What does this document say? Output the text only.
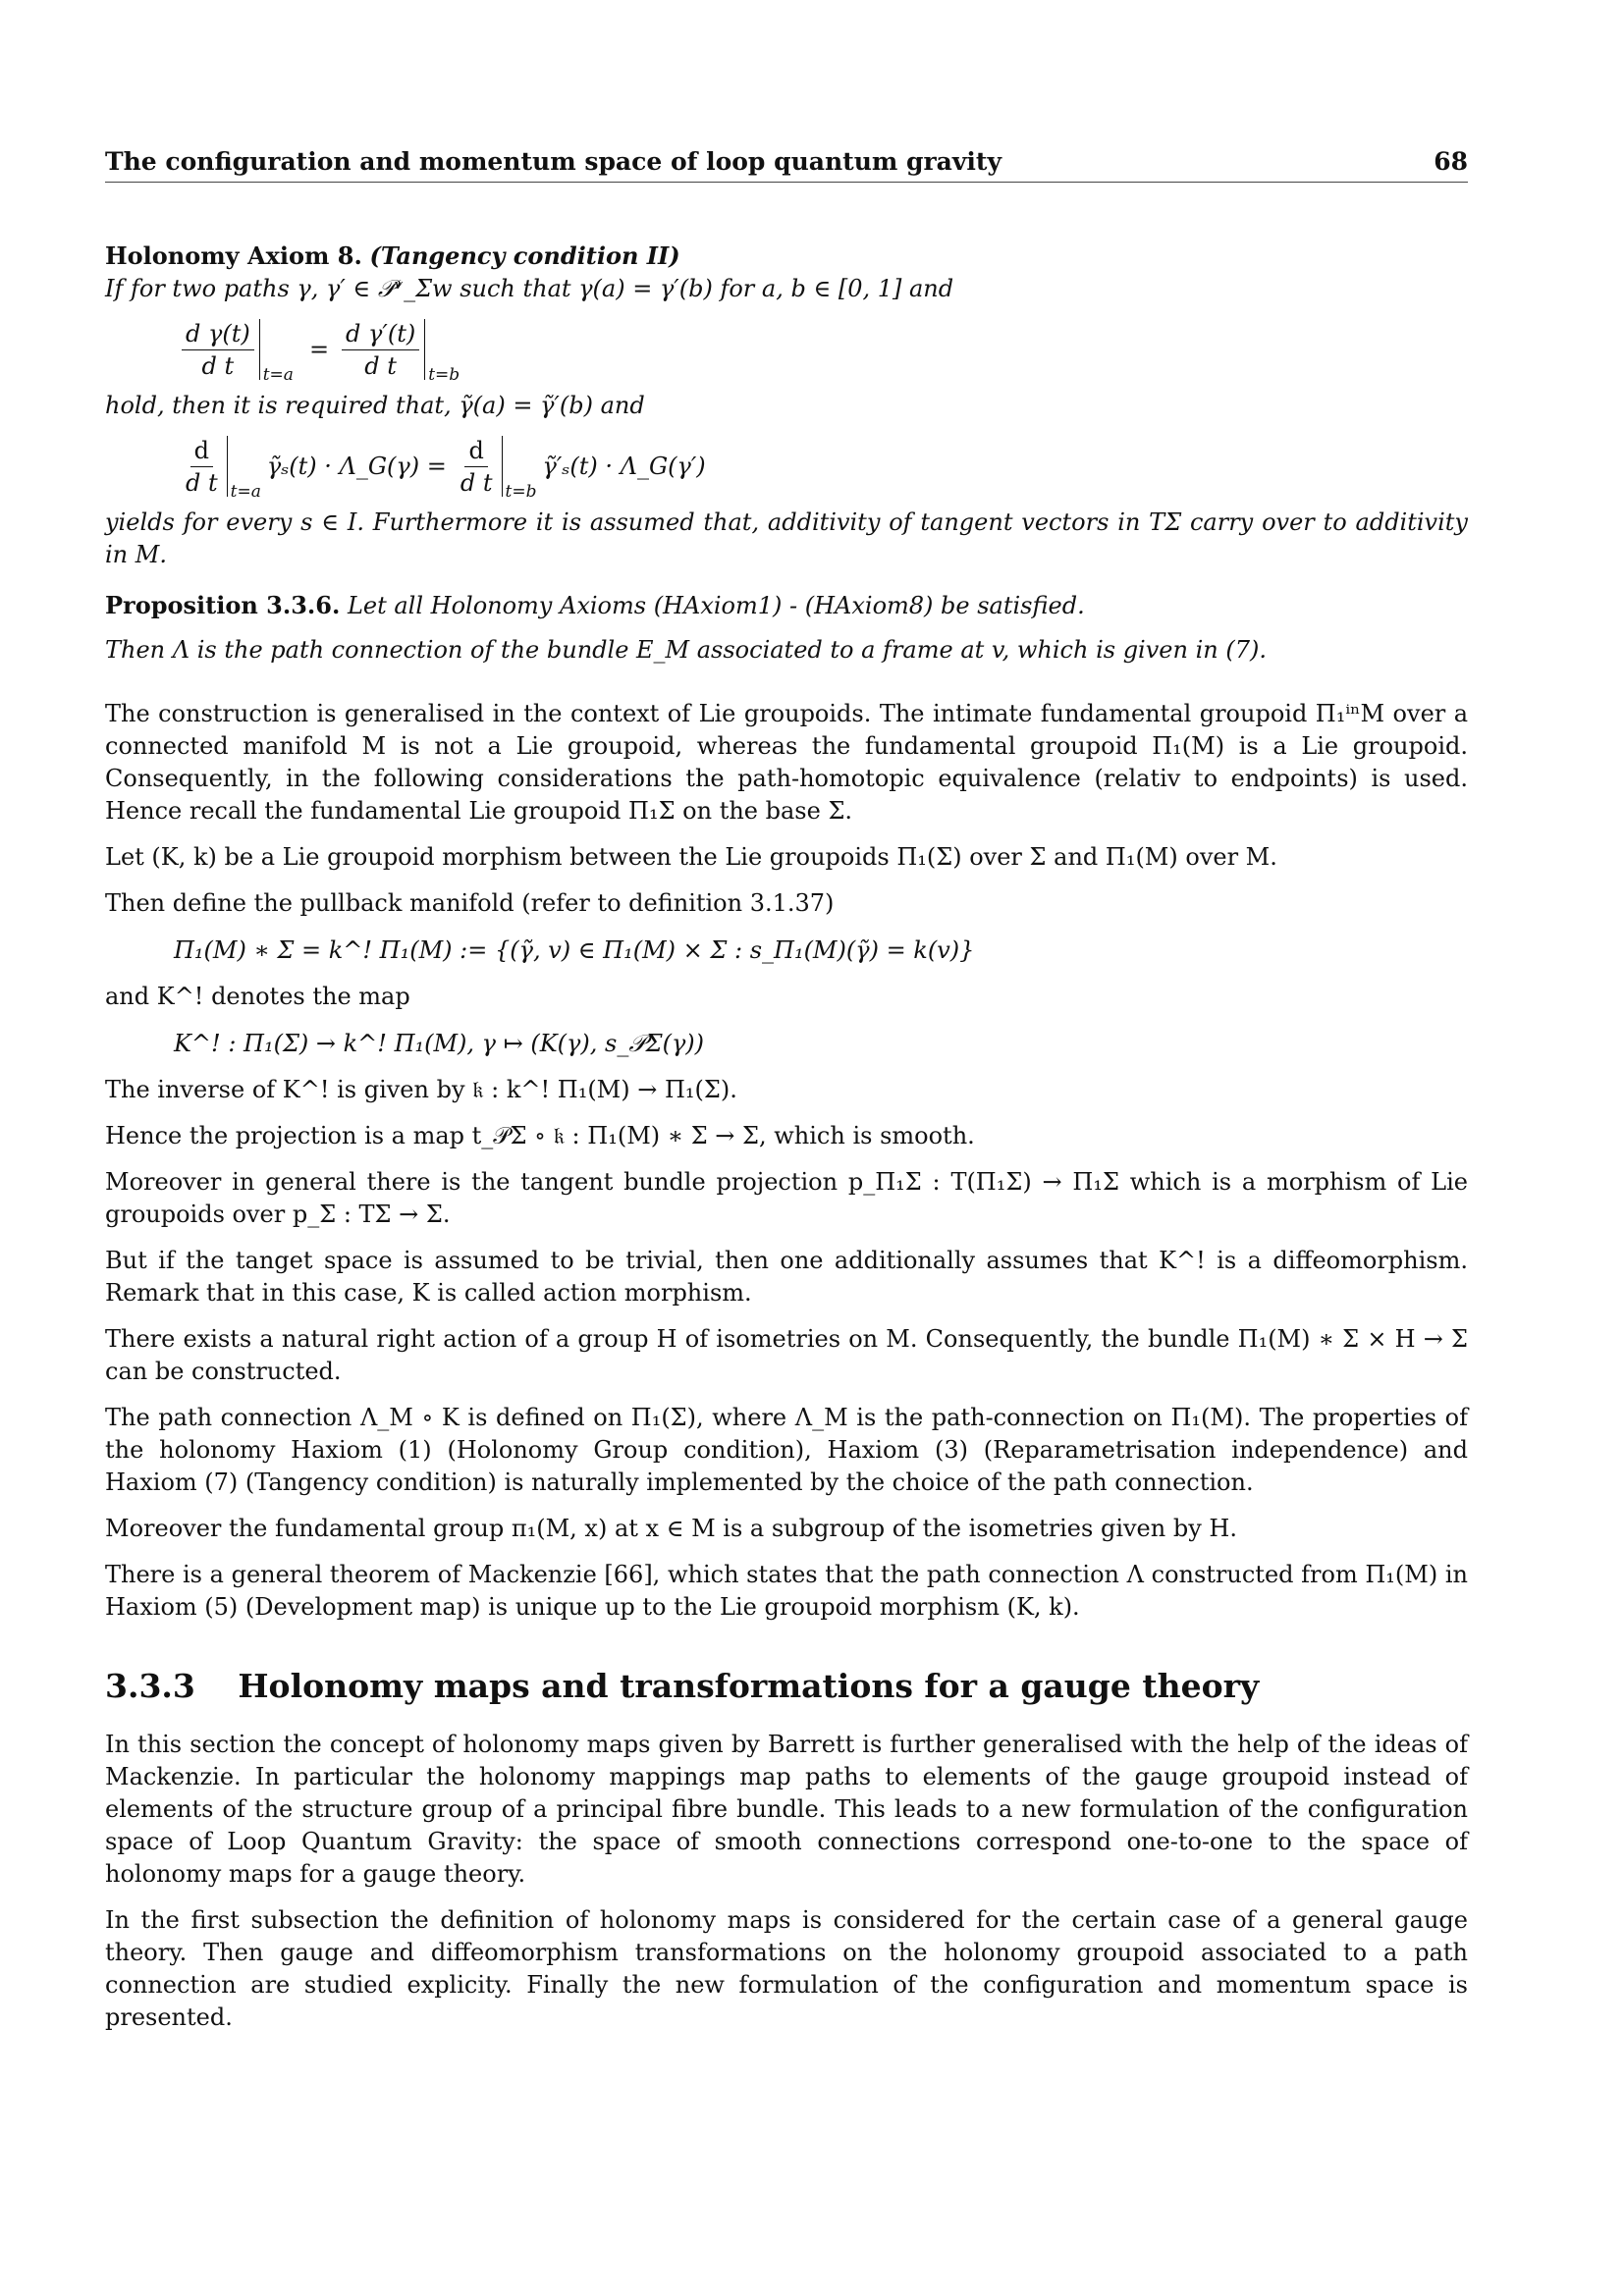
The configuration and momentum space of loop quantum gravity	68
Holonomy Axiom 8. (Tangency condition II)
If for two paths γ, γ′ ∈ 𝒫ᵛ_Σw such that γ(a) = γ′(b) for a, b ∈ [0, 1] and
$\frac{\text{d γ(t)}}{\text{d t}} t=a$
= $\frac{\text{d γ′(t)}}{\text{d t}} t=b$
hold, then it is required that, γ̃(a) = γ̃′(b) and
$\frac{d}{\text{d t}} t=a$
γ̃ₛ(t) · Λ_G(γ) = $\frac{d}{\text{d t}} t=b$
γ̃′ₛ(t) · Λ_G(γ′)
yields for every s ∈ I. Furthermore it is assumed that, additivity of tangent vectors in TΣ carry over to additivity in M.
Proposition 3.3.6. Let all Holonomy Axioms (HAxiom1) - (HAxiom8) be satisfied.
Then Λ is the path connection of the bundle E_M associated to a frame at v, which is given in (7).
The construction is generalised in the context of Lie groupoids. The intimate fundamental groupoid Π₁ⁱⁿM over a connected manifold M is not a Lie groupoid, whereas the fundamental groupoid Π₁(M) is a Lie groupoid. Consequently, in the following considerations the path-homotopic equivalence (relativ to endpoints) is used. Hence recall the fundamental Lie groupoid Π₁Σ on the base Σ.
Let (K, k) be a Lie groupoid morphism between the Lie groupoids Π₁(Σ) over Σ and Π₁(M) over M.
Then define the pullback manifold (refer to definition 3.1.37)
Π₁(M) ∗ Σ = k^! Π₁(M) := {(γ̃, v) ∈ Π₁(M) × Σ : s_Π₁(M)(γ̃) = k(v)}
and K^! denotes the map
K^! : Π₁(Σ) → k^! Π₁(M), γ ↦ (K(γ), s_𝒫Σ(γ))
The inverse of K^! is given by 𝔨 : k^! Π₁(M) → Π₁(Σ).
Hence the projection is a map t_𝒫Σ ∘ 𝔨 : Π₁(M) ∗ Σ → Σ, which is smooth.
Moreover in general there is the tangent bundle projection p_Π₁Σ : T(Π₁Σ) → Π₁Σ which is a morphism of Lie groupoids over p_Σ : TΣ → Σ.
But if the tanget space is assumed to be trivial, then one additionally assumes that K^! is a diffeomorphism. Remark that in this case, K is called action morphism.
There exists a natural right action of a group H of isometries on M. Consequently, the bundle Π₁(M) ∗ Σ × H → Σ can be constructed.
The path connection Λ_M ∘ K is defined on Π₁(Σ), where Λ_M is the path-connection on Π₁(M). The properties of the holonomy Haxiom (1) (Holonomy Group condition), Haxiom (3) (Reparametrisation independence) and Haxiom (7) (Tangency condition) is naturally implemented by the choice of the path connection.
Moreover the fundamental group π₁(M, x) at x ∈ M is a subgroup of the isometries given by H.
There is a general theorem of Mackenzie [66], which states that the path connection Λ constructed from Π₁(M) in Haxiom (5) (Development map) is unique up to the Lie groupoid morphism (K, k).
3.3.3 Holonomy maps and transformations for a gauge theory
In this section the concept of holonomy maps given by Barrett is further generalised with the help of the ideas of Mackenzie. In particular the holonomy mappings map paths to elements of the gauge groupoid instead of elements of the structure group of a principal fibre bundle. This leads to a new formulation of the configuration space of Loop Quantum Gravity: the space of smooth connections correspond one-to-one to the space of holonomy maps for a gauge theory.
In the first subsection the definition of holonomy maps is considered for the certain case of a general gauge theory. Then gauge and diffeomorphism transformations on the holonomy groupoid associated to a path connection are studied explicity. Finally the new formulation of the configuration and momentum space is presented.
